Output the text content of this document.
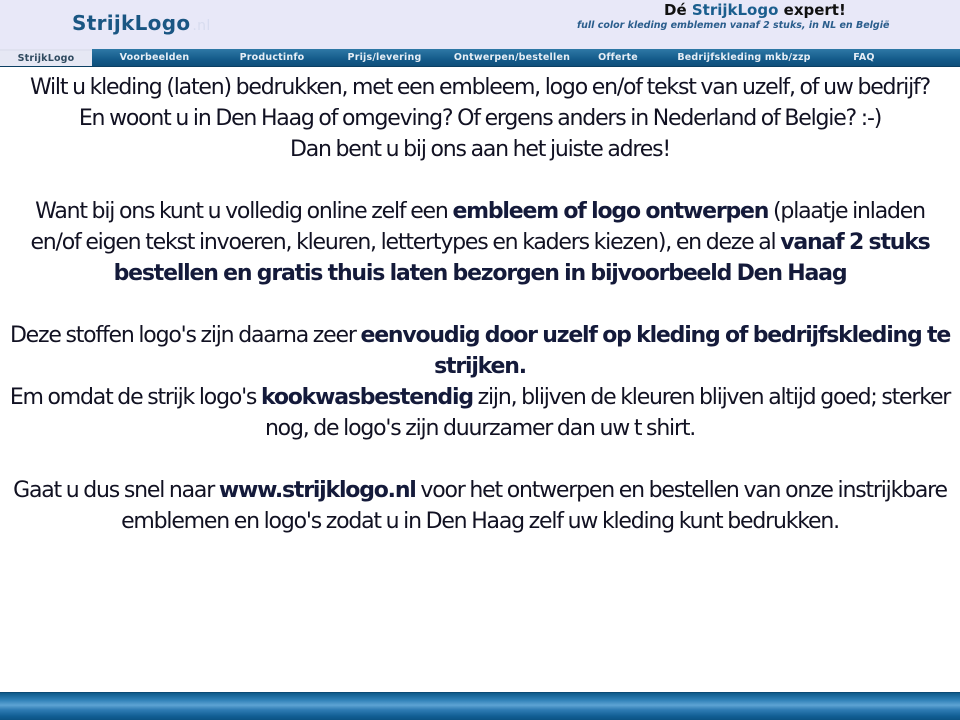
StrijkLogo .nl
Dé StrijkLogo expert!
full color kleding emblemen vanaf 2 stuks, in NL en België
StrijkLogo	Voorbeelden	Productinfo	Prijs/levering	Ontwerpen/bestellen	Offerte	Bedrijfskleding mkb/zzp	FAQ

Wilt u kleding (laten) bedrukken, met een embleem, logo en/of tekst van uzelf, of uw bedrijf?

En woont u in Den Haag of omgeving? Of ergens anders in Nederland of Belgie? :-)

Dan bent u bij ons aan het juiste adres!

Want bij ons kunt u volledig online zelf een embleem of logo ontwerpen (plaatje inladen en/of eigen tekst invoeren, kleuren, lettertypes en kaders kiezen), en deze al vanaf 2 stuks bestellen en gratis thuis laten bezorgen in bijvoorbeeld Den Haag

Deze stoffen logo's zijn daarna zeer eenvoudig door uzelf op kleding of bedrijfskleding te strijken.

Em omdat de strijk logo's kookwasbestendig zijn, blijven de kleuren blijven altijd goed; sterker nog, de logo's zijn duurzamer dan uw t shirt.

Gaat u dus snel naar www.strijklogo.nl voor het ontwerpen en bestellen van onze instrijkbare emblemen en logo's zodat u in Den Haag zelf uw kleding kunt bedrukken.
